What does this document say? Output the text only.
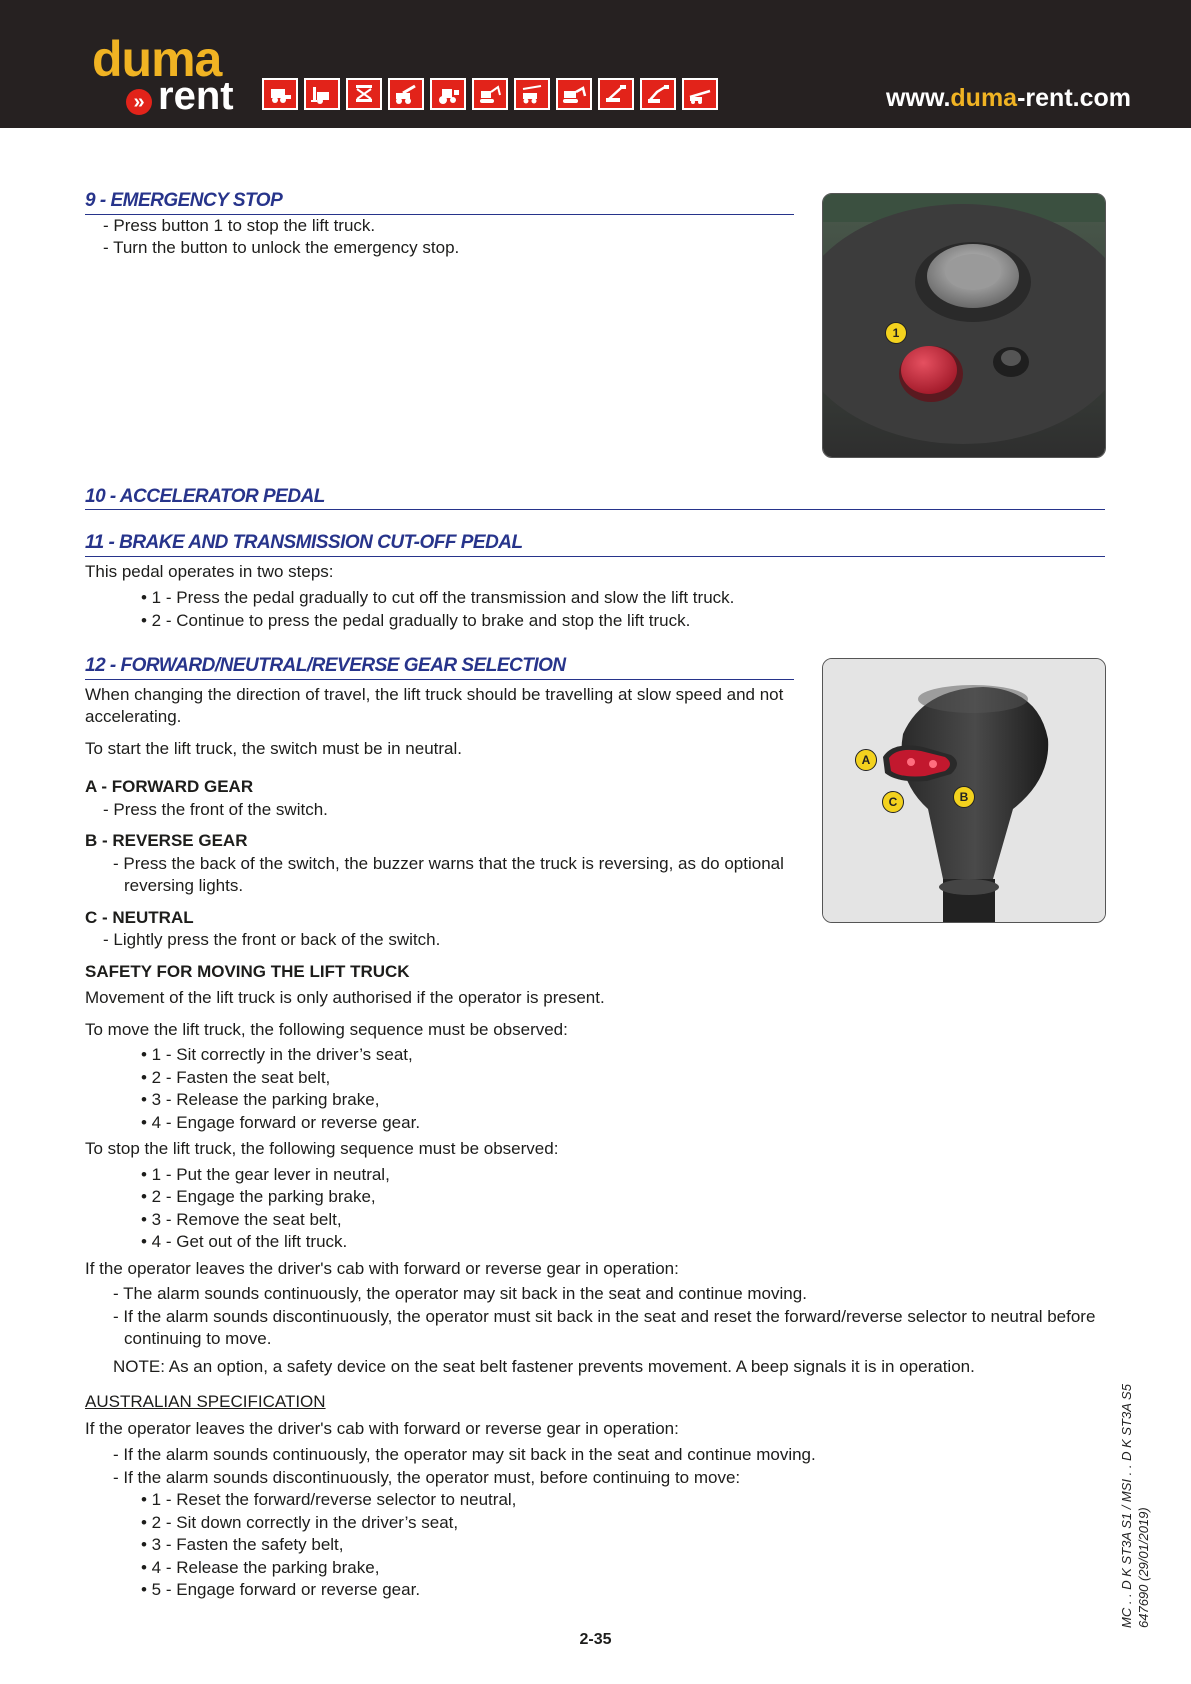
duma
» rent	www.duma-rent.com
1
A
B
C
9 - EMERGENCY STOP

- Press button 1 to stop the lift truck.

- Turn the button to unlock the emergency stop.

10 - ACCELERATOR PEDAL
11 - BRAKE AND TRANSMISSION CUT-OFF PEDAL

This pedal operates in two steps:

• 1 - Press the pedal gradually to cut off the transmission and slow the lift truck.

• 2 - Continue to press the pedal gradually to brake and stop the lift truck.

12 - FORWARD/NEUTRAL/REVERSE GEAR SELECTION

When changing the direction of travel, the lift truck should be travelling at slow speed and not accelerating.

To start the lift truck, the switch must be in neutral.

A - FORWARD GEAR

- Press the front of the switch.

B - REVERSE GEAR

- Press the back of the switch, the buzzer warns that the truck is reversing, as do optional reversing lights.

C - NEUTRAL

- Lightly press the front or back of the switch.

SAFETY FOR MOVING THE LIFT TRUCK

Movement of the lift truck is only authorised if the operator is present.

To move the lift truck, the following sequence must be observed:

• 1 - Sit correctly in the driver’s seat,

• 2 - Fasten the seat belt,

• 3 - Release the parking brake,

• 4 - Engage forward or reverse gear.

To stop the lift truck, the following sequence must be observed:

• 1 - Put the gear lever in neutral,

• 2 - Engage the parking brake,

• 3 - Remove the seat belt,

• 4 - Get out of the lift truck.

If the operator leaves the driver's cab with forward or reverse gear in operation:

- The alarm sounds continuously, the operator may sit back in the seat and continue moving.

- If the alarm sounds discontinuously, the operator must sit back in the seat and reset the forward/reverse selector to neutral before continuing to move.

NOTE: As an option, a safety device on the seat belt fastener prevents movement. A beep signals it is in operation.

AUSTRALIAN SPECIFICATION

If the operator leaves the driver's cab with forward or reverse gear in operation:

- If the alarm sounds continuously, the operator may sit back in the seat and continue moving.

- If the alarm sounds discontinuously, the operator must, before continuing to move:

• 1 - Reset the forward/reverse selector to neutral,

• 2 - Sit down correctly in the driver’s seat,

• 3 - Fasten the safety belt,

• 4 - Release the parking brake,

• 5 - Engage forward or reverse gear.

2-35
MC . . D K ST3A S1 / MSI . . D K ST3A S5 647690 (29/01/2019)
